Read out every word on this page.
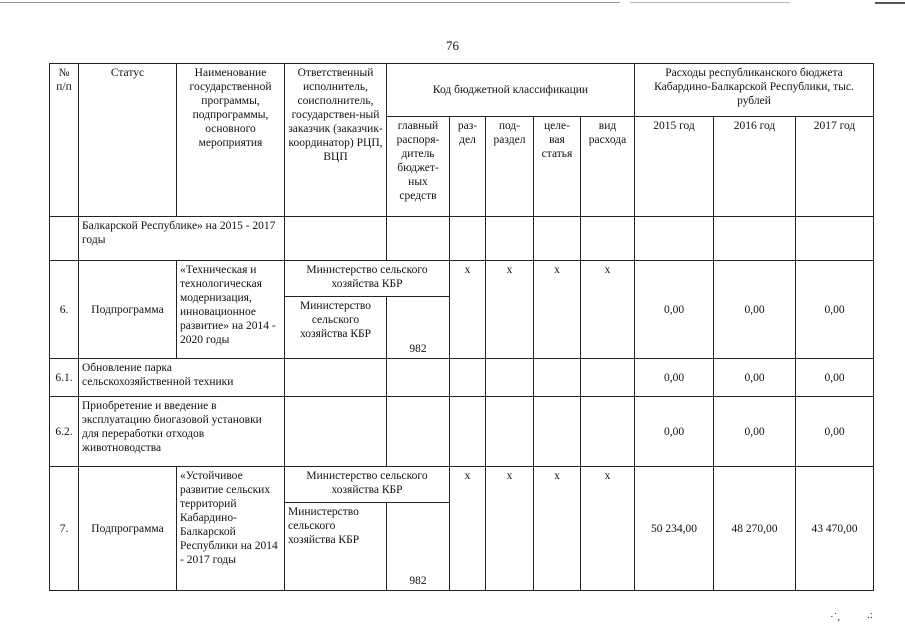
76
№ п/п	Статус	Наименование государственной программы, подпрограммы, основного мероприятия	Ответственный исполнитель, соисполнитель, государствен-ный заказчик (заказчик-координатор) РЦП, ВЦП	Код бюджетной классификации					Расходы республиканского бюджета Кабардино-Балкарской Республики, тыс. рублей		
				главный распоря-дитель бюджет-ных средств	раз-дел	под-раздел	целе-вая статья	вид расхода	2015 год	2016 год	2017 год
	Балкарской Республике» на 2015 - 2017 годы										
6.	Подпрограмма	«Техническая и технологическая модернизация, инновационное развитие» на 2014 - 2020 годы	Министерство сельского хозяйства КБР		х	х	х	х	0,00	0,00	0,00
			Министерство сельского хозяйства КБР	982							
6.1.	Обновление парка сельскохозяйственной техники								0,00	0,00	0,00
6.2.	Приобретение и введение в эксплуатацию биогазовой установки для переработки отходов животноводства								0,00	0,00	0,00
7.	Подпрограмма	«Устойчивое развитие сельских территорий Кабардино-Балкарской Республики на 2014 - 2017 годы	Министерство сельского хозяйства КБР		х	х	х	х	50 234,00	48 270,00	43 470,00
			Министерство сельского хозяйства КБР	982							
·˙, .:
